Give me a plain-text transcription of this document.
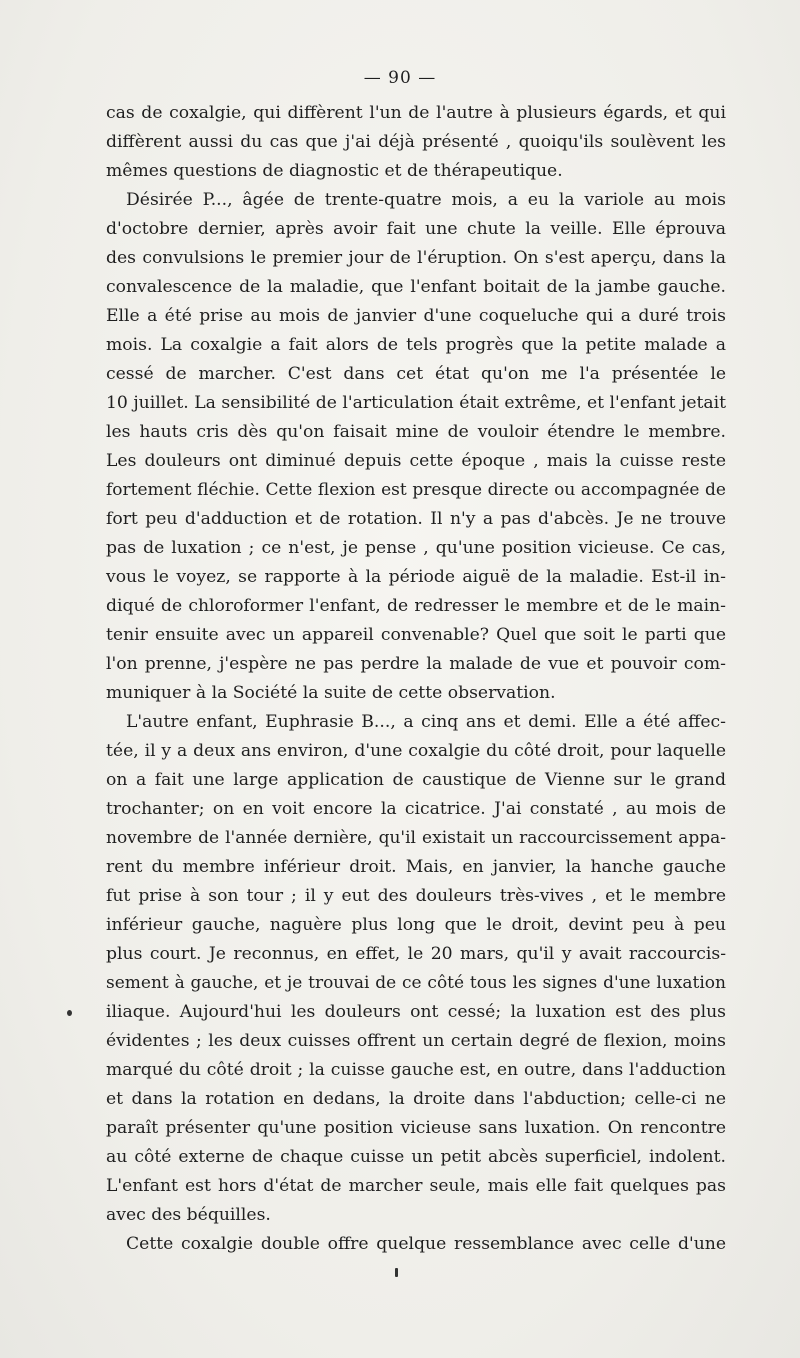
— 90 —
cas de coxalgie, qui diffèrent l'un de l'autre à plusieurs égards, et qui
diffèrent aussi du cas que j'ai déjà présenté , quoiqu'ils soulèvent les
mêmes questions de diagnostic et de thérapeutique.
Désirée P..., âgée de trente-quatre mois, a eu la variole au mois
d'octobre dernier, après avoir fait une chute la veille. Elle éprouva
des convulsions le premier jour de l'éruption. On s'est aperçu, dans la
convalescence de la maladie, que l'enfant boitait de la jambe gauche.
Elle a été prise au mois de janvier d'une coqueluche qui a duré trois
mois. La coxalgie a fait alors de tels progrès que la petite malade a
cessé de marcher. C'est dans cet état qu'on me l'a présentée le
10 juillet. La sensibilité de l'articulation était extrême, et l'enfant jetait
les hauts cris dès qu'on faisait mine de vouloir étendre le membre.
Les douleurs ont diminué depuis cette époque , mais la cuisse reste
fortement fléchie. Cette flexion est presque directe ou accompagnée de
fort peu d'adduction et de rotation. Il n'y a pas d'abcès. Je ne trouve
pas de luxation ; ce n'est, je pense , qu'une position vicieuse. Ce cas,
vous le voyez, se rapporte à la période aiguë de la maladie. Est-il in-
diqué de chloroformer l'enfant, de redresser le membre et de le main-
tenir ensuite avec un appareil convenable? Quel que soit le parti que
l'on prenne, j'espère ne pas perdre la malade de vue et pouvoir com-
muniquer à la Société la suite de cette observation.
L'autre enfant, Euphrasie B..., a cinq ans et demi. Elle a été affec-
tée, il y a deux ans environ, d'une coxalgie du côté droit, pour laquelle
on a fait une large application de caustique de Vienne sur le grand
trochanter; on en voit encore la cicatrice. J'ai constaté , au mois de
novembre de l'année dernière, qu'il existait un raccourcissement appa-
rent du membre inférieur droit. Mais, en janvier, la hanche gauche
fut prise à son tour ; il y eut des douleurs très-vives , et le membre
inférieur gauche, naguère plus long que le droit, devint peu à peu
plus court. Je reconnus, en effet, le 20 mars, qu'il y avait raccourcis-
sement à gauche, et je trouvai de ce côté tous les signes d'une luxation
iliaque. Aujourd'hui les douleurs ont cessé; la luxation est des plus
évidentes ; les deux cuisses offrent un certain degré de flexion, moins
marqué du côté droit ; la cuisse gauche est, en outre, dans l'adduction
et dans la rotation en dedans, la droite dans l'abduction; celle-ci ne
paraît présenter qu'une position vicieuse sans luxation. On rencontre
au côté externe de chaque cuisse un petit abcès superficiel, indolent.
L'enfant est hors d'état de marcher seule, mais elle fait quelques pas
avec des béquilles.
Cette coxalgie double offre quelque ressemblance avec celle d'une
